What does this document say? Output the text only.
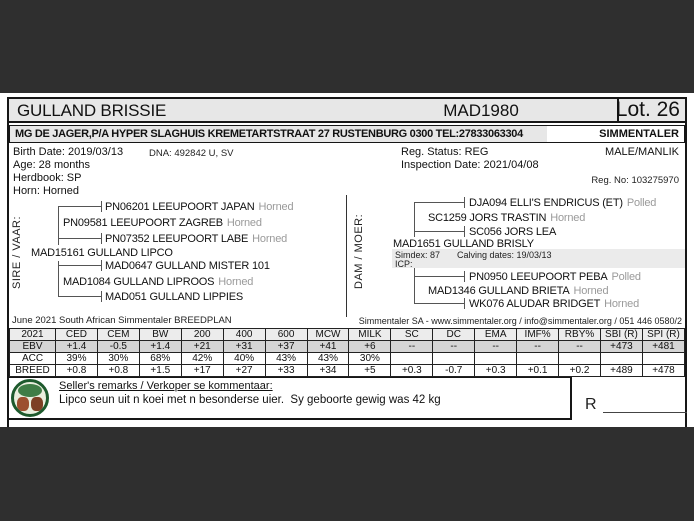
GULLAND BRISSIE	MAD1980	Lot. 26
MG DE JAGER,P/A HYPER SLAGHUIS KREMETARTSTRAAT 27 RUSTENBURG 0300 TEL:27833063304	SIMMENTALER
Birth Date: 2019/03/13	DNA: 492842 U, SV	Reg. Status: REG	MALE/MANLIK
Age: 28 months	Inspection Date: 2021/04/08
Herdbook: SP	Reg. No: 103275970
Horn: Horned
SIRE / VAAR:
PN06201 LEEUPOORT JAPAN Horned
PN09581 LEEUPOORT ZAGREB Horned
PN07352 LEEUPOORT LABE Horned
MAD15161 GULLAND LIPCO
MAD0647 GULLAND MISTER 101
MAD1084 GULLAND LIPROOS Horned
MAD051 GULLAND LIPPIES
DAM / MOER:	Simdex: 87 Calving dates: 19/03/13
ICP:
DJA094 ELLI'S ENDRICUS (ET) Polled
SC1259 JORS TRASTIN Horned
SC056 JORS LEA
MAD1651 GULLAND BRISLY
PN0950 LEEUPOORT PEBA Polled
MAD1346 GULLAND BRIETA Horned
WK076 ALUDAR BRIDGET Horned
June 2021 South African Simmentaler BREEDPLAN	Simmentaler SA - www.simmentaler.org / info@simmentaler.org / 051 446 0580/2
2021	CED	CEM	BW	200	400	600	MCW	MILK	SC	DC	EMA	IMF%	RBY%	SBI (R)	SPI (R)
EBV	+1.4	-0.5	+1.4	+21	+31	+37	+41	+6	--	--	--	--	--	+473	+481
ACC	39%	30%	68%	42%	40%	43%	43%	30%							
BREED	+0.8	+0.8	+1.5	+17	+27	+33	+34	+5	+0.3	-0.7	+0.3	+0.1	+0.2	+489	+478
Seller's remarks / Verkoper se kommentaar:
Lipco seun uit n koei met n besonderse uier.  Sy geboorte gewig was 42 kg	R
